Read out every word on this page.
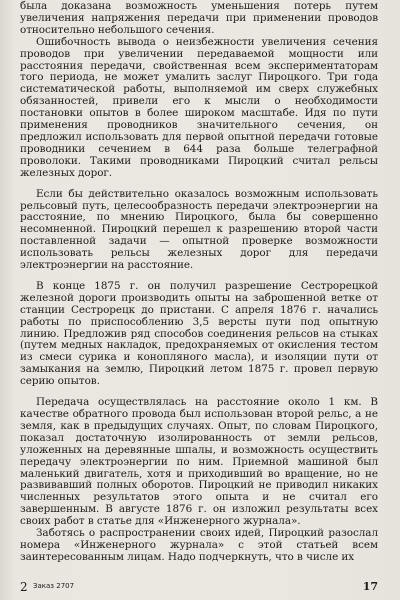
была доказана возможность уменьшения потерь путем увеличения напряжения передачи при применении проводов относительно небольшого сечения.

Ошибочность вывода о неизбежности увеличения сечения проводов при увеличении передаваемой мощности или расстояния передачи, свойственная всем экспериментаторам того периода, не может умалить заслуг Пироцкого. Три года систематической работы, выполняемой им сверх служебных обязанностей, привели его к мысли о необходимости постановки опытов в более широком масштабе. Идя по пути применения проводников значительного сечения, он предложил использовать для первой опытной передачи готовые проводники сечением в 644 раза больше телеграфной проволоки. Такими проводниками Пироцкий считал рельсы железных дорог.

Если бы действительно оказалось возможным использовать рельсовый путь, целесообразность передачи электроэнергии на расстояние, по мнению Пироцкого, была бы совершенно несомненной. Пироцкий перешел к разрешению второй части поставленной задачи — опытной проверке возможности использовать рельсы железных дорог для передачи электроэнергии на расстояние.

В конце 1875 г. он получил разрешение Сестрорецкой железной дороги производить опыты на заброшенной ветке от станции Сестрорецк до пристани. С апреля 1876 г. начались работы по приспособлению 3,5 версты пути под опытную линию. Предложив ряд способов соединения рельсов на стыках (путем медных накладок, предохраняемых от окисления тестом из смеси сурика и конопляного масла), и изоляции пути от замыкания на землю, Пироцкий летом 1875 г. провел первую серию опытов.

Передача осуществлялась на расстояние около 1 км. В качестве обратного провода был использован второй рельс, а не земля, как в предыдущих случаях. Опыт, по словам Пироцкого, показал достаточную изолированность от земли рельсов, уложенных на деревянные шпалы, и возможность осуществить передачу электроэнергии по ним. Приемной машиной был маленький двигатель, хотя и приходивший во вращение, но не развивавший полных оборотов. Пироцкий не приводил никаких численных результатов этого опыта и не считал его завершенным. В августе 1876 г. он изложил результаты всех своих работ в статье для «Инженерного журнала».

Заботясь о распространении своих идей, Пироцкий разослал номера «Инженерного журнала» с этой статьей всем заинтересованным лицам. Надо подчеркнуть, что в числе их

2 Заказ 2707	17
